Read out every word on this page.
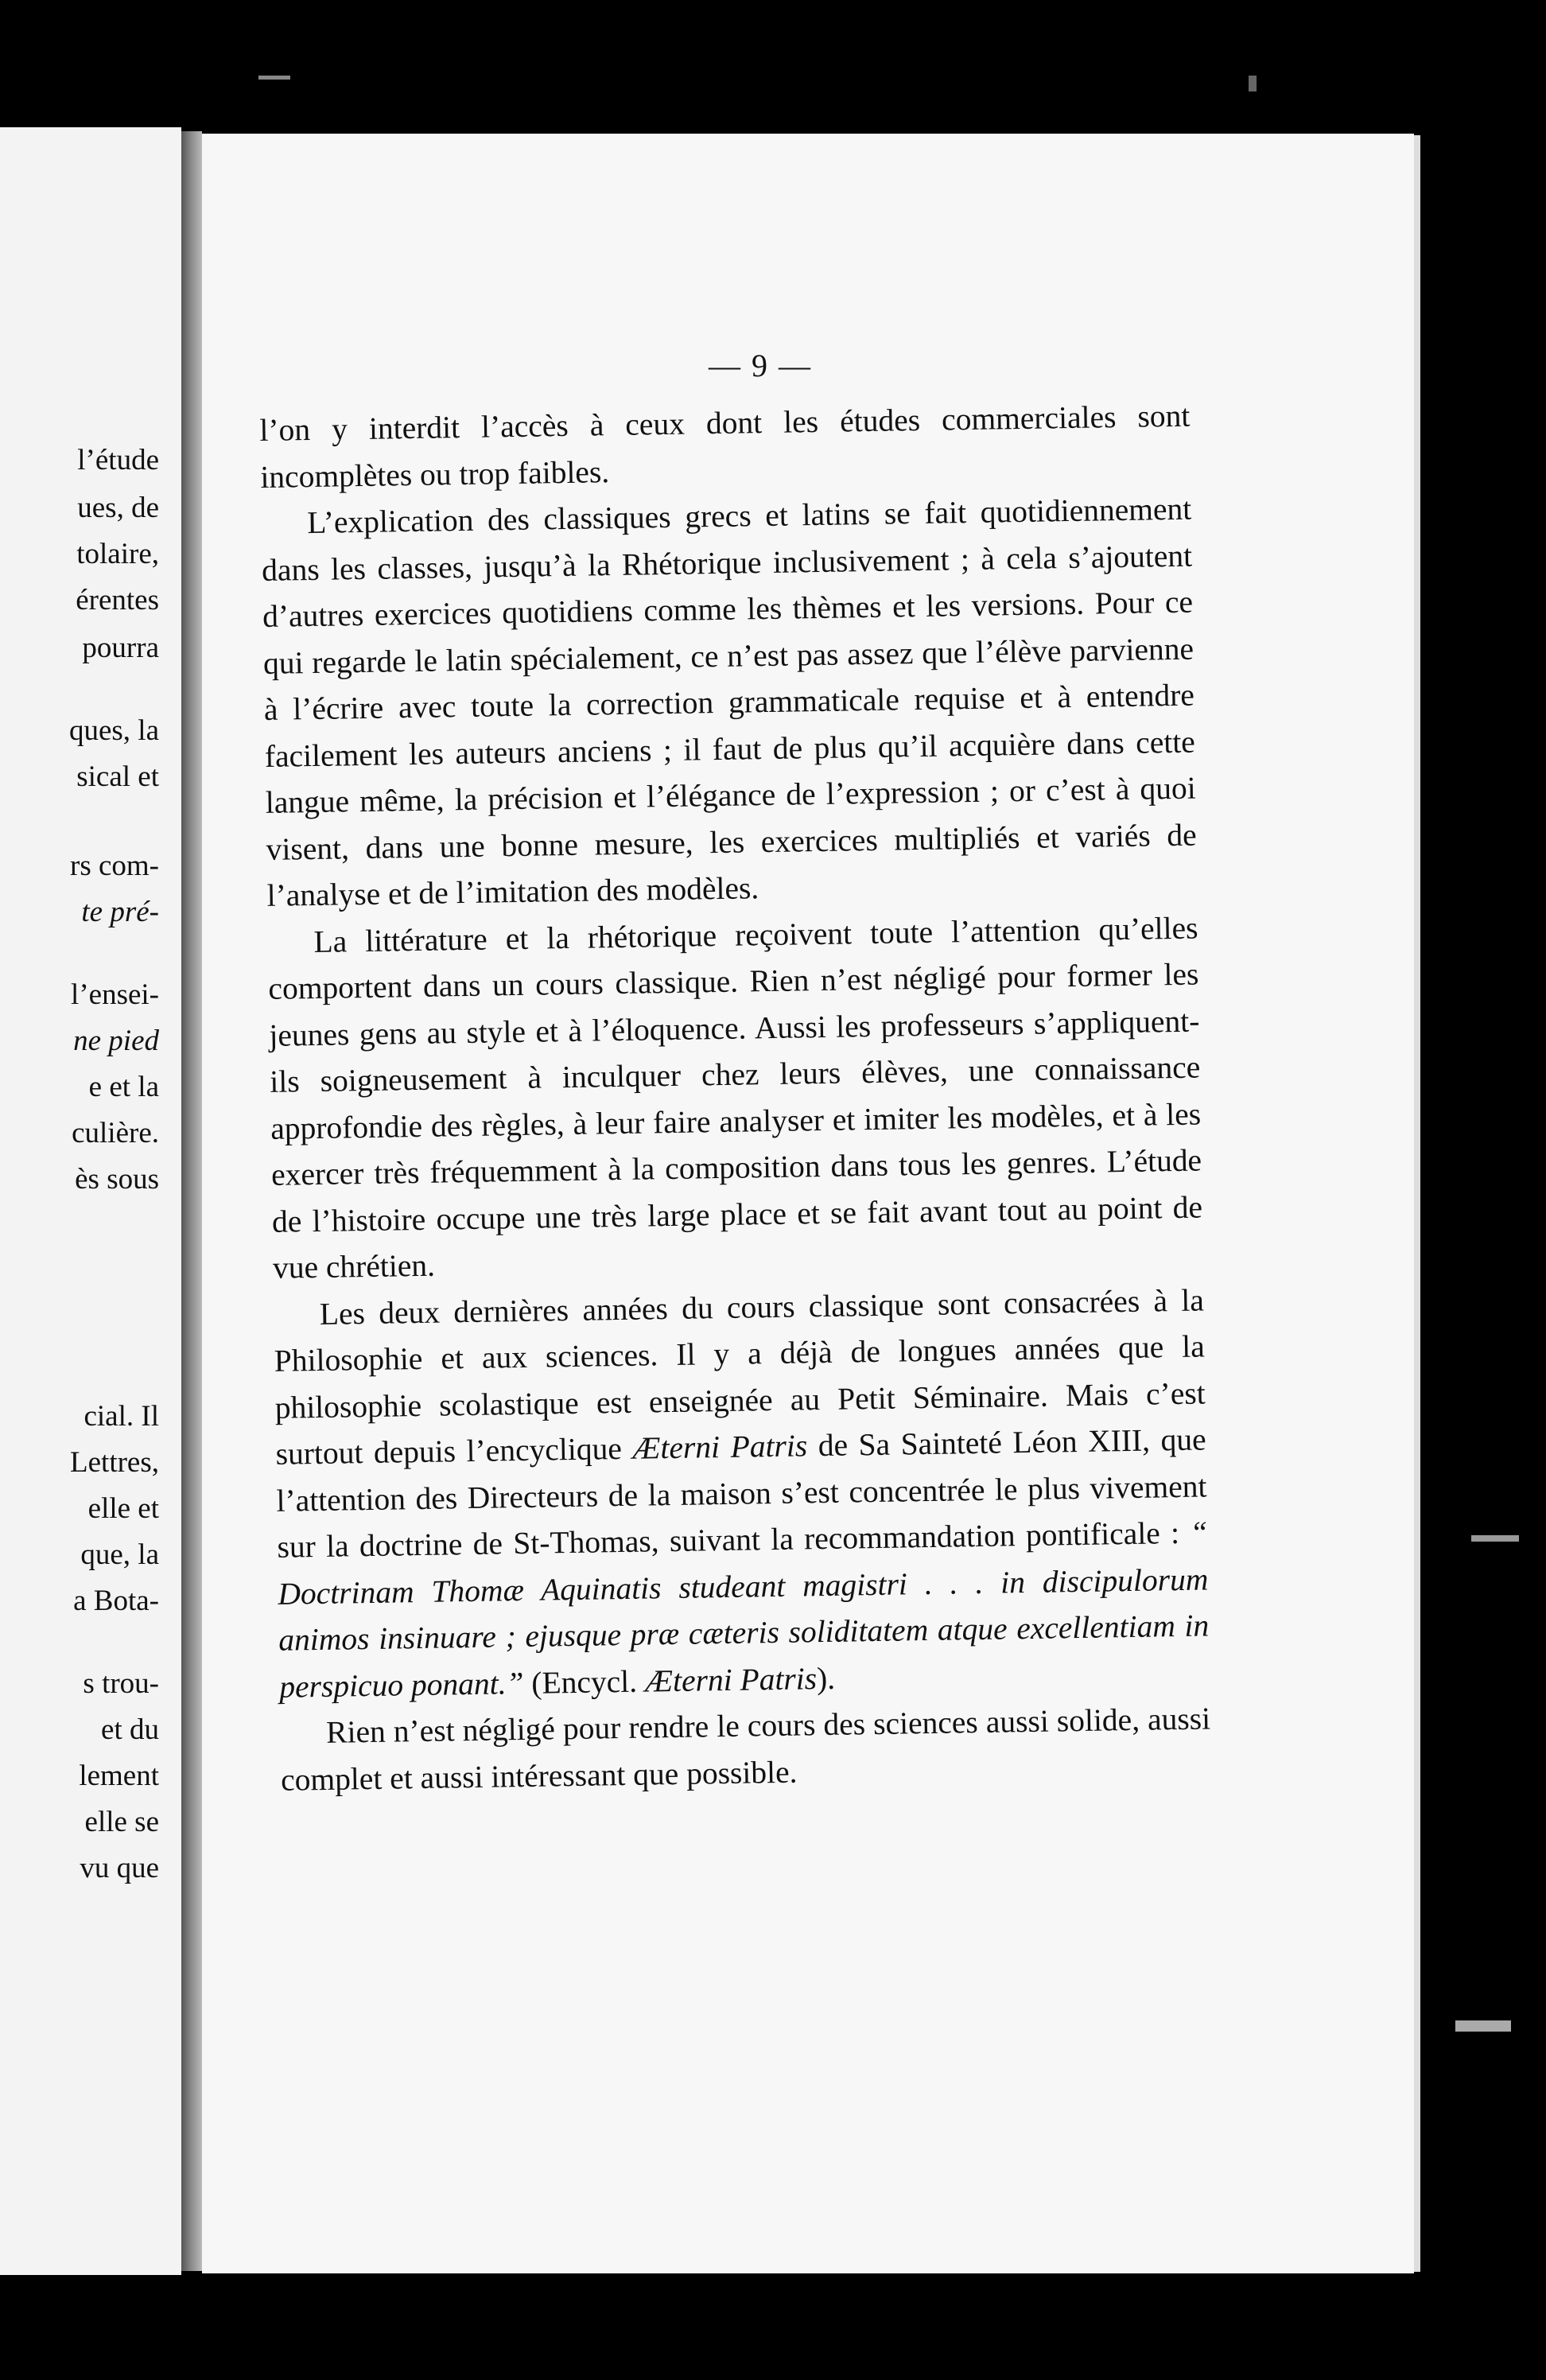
l’étude
ues, de
tolaire,
érentes
pourra
ques, la
sical et
rs com-
te pré-
l’ensei-
ne pied
e et la
culière.
ès sous
cial. Il
Lettres,
elle et
que, la
a Bota-
s trou-
et du
lement
elle se
vu que
— 9 —

l’on y interdit l’accès à ceux dont les études commerciales sont incomplètes ou trop faibles.

L’explication des classiques grecs et latins se fait quotidiennement dans les classes, jusqu’à la Rhétorique inclusivement ; à cela s’ajoutent d’autres exercices quotidiens comme les thèmes et les versions. Pour ce qui regarde le latin spécialement, ce n’est pas assez que l’élève parvienne à l’écrire avec toute la correction grammaticale requise et à entendre facilement les auteurs anciens ; il faut de plus qu’il acquière dans cette langue même, la précision et l’élégance de l’expression ; or c’est à quoi visent, dans une bonne mesure, les exercices multipliés et variés de l’analyse et de l’imitation des modèles.

La littérature et la rhétorique reçoivent toute l’attention qu’elles comportent dans un cours classique. Rien n’est négligé pour former les jeunes gens au style et à l’éloquence. Aussi les professeurs s’appliquent-ils soigneusement à inculquer chez leurs élèves, une connaissance approfondie des règles, à leur faire analyser et imiter les modèles, et à les exercer très fréquemment à la composition dans tous les genres. L’étude de l’histoire occupe une très large place et se fait avant tout au point de vue chrétien.

Les deux dernières années du cours classique sont consacrées à la Philosophie et aux sciences. Il y a déjà de longues années que la philosophie scolastique est enseignée au Petit Séminaire. Mais c’est surtout depuis l’encyclique Æterni Patris de Sa Sainteté Léon XIII, que l’attention des Directeurs de la maison s’est concentrée le plus vivement sur la doctrine de St-Thomas, suivant la recommandation pontificale : “ Doctrinam Thomæ Aquinatis studeant magistri . . . in discipulorum animos insinuare ; ejusque præ cæteris soliditatem atque excellentiam in perspicuo ponant.” (Encycl. Æterni Patris).

Rien n’est négligé pour rendre le cours des sciences aussi solide, aussi complet et aussi intéressant que possible.
